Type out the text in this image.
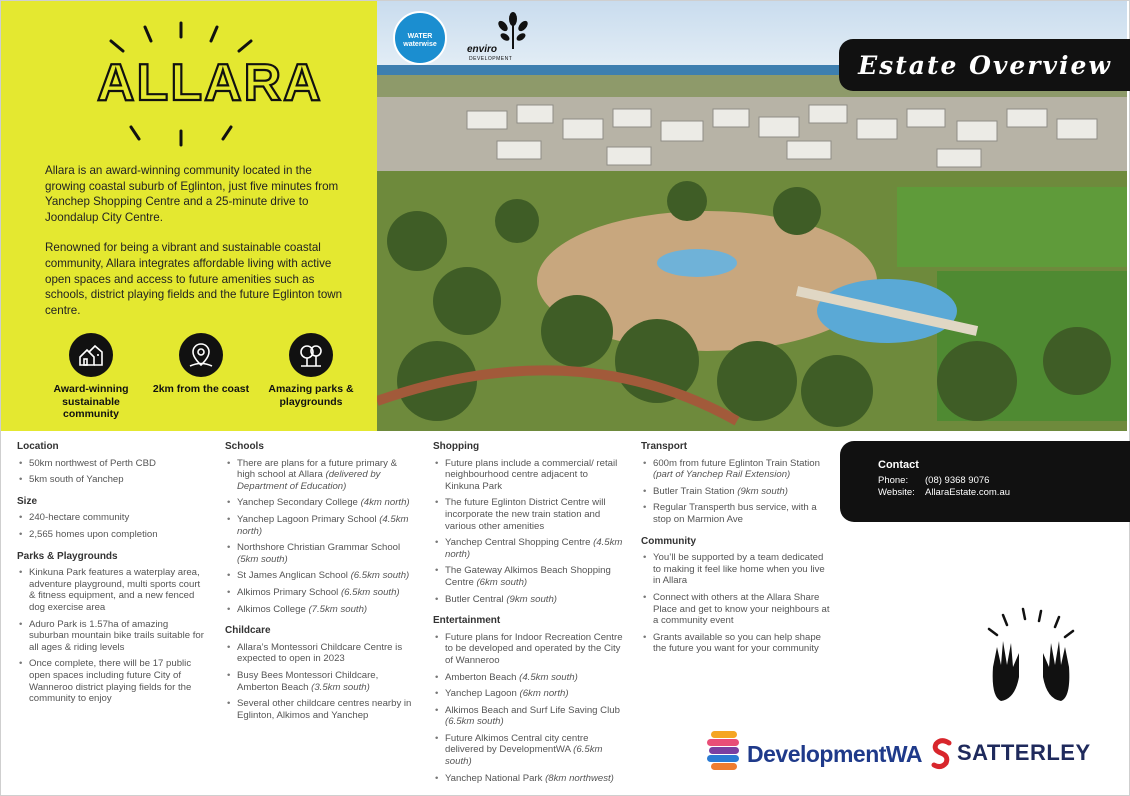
ALLARA

Allara is an award-winning community located in the growing coastal suburb of Eglinton, just five minutes from Yanchep Shopping Centre and a 25-minute drive to Joondalup City Centre.

Renowned for being a vibrant and sustainable coastal community, Allara integrates affordable living with active open spaces and access to future amenities such as schools, district playing fields and the future Eglinton town centre.

Award-winning sustainable community
2km from the coast	Amazing parks & playgrounds
WATER
waterwise	enviro
DEVELOPMENT	Estate Overview
Location
• 50km northwest of Perth CBD
• 5km south of Yanchep
Size
• 240-hectare community
• 2,565 homes upon completion
Parks & Playgrounds
• Kinkuna Park features a waterplay area, adventure playground, multi sports court & fitness equipment, and a new fenced dog exercise area
• Aduro Park is 1.57ha of amazing suburban mountain bike trails suitable for all ages & riding levels
• Once complete, there will be 17 public open spaces including future City of Wanneroo district playing fields for the community to enjoy
Schools
• There are plans for a future primary & high school at Allara (delivered by Department of Education)
• Yanchep Secondary College (4km north)
• Yanchep Lagoon Primary School (4.5km north)
• Northshore Christian Grammar School (5km south)
• St James Anglican School (6.5km south)
• Alkimos Primary School (6.5km south)
• Alkimos College (7.5km south)
Childcare
• Allara’s Montessori Childcare Centre is expected to open in 2023
• Busy Bees Montessori Childcare, Amberton Beach (3.5km south)
• Several other childcare centres nearby in Eglinton, Alkimos and Yanchep
Shopping
• Future plans include a commercial/ retail neighbourhood centre adjacent to Kinkuna Park
• The future Eglinton District Centre will incorporate the new train station and various other amenities
• Yanchep Central Shopping Centre (4.5km north)
• The Gateway Alkimos Beach Shopping Centre (6km south)
• Butler Central (9km south)
Entertainment
• Future plans for Indoor Recreation Centre to be developed and operated by the City of Wanneroo
• Amberton Beach (4.5km south)
• Yanchep Lagoon (6km north)
• Alkimos Beach and Surf Life Saving Club (6.5km south)
• Future Alkimos Central city centre delivered by DevelopmentWA (6.5km south)
• Yanchep National Park (8km northwest)
Transport
• 600m from future Eglinton Train Station (part of Yanchep Rail Extension)
• Butler Train Station (9km south)
• Regular Transperth bus service, with a stop on Marmion Ave
Community
• You’ll be supported by a team dedicated to making it feel like home when you live in Allara
• Connect with others at the Allara Share Place and get to know your neighbours at a community event
• Grants available so you can help shape the future you want for your community
Contact
Phone:	(08) 9368 9076
Website:	AllaraEstate.com.au
DevelopmentWA SATTERLEY
